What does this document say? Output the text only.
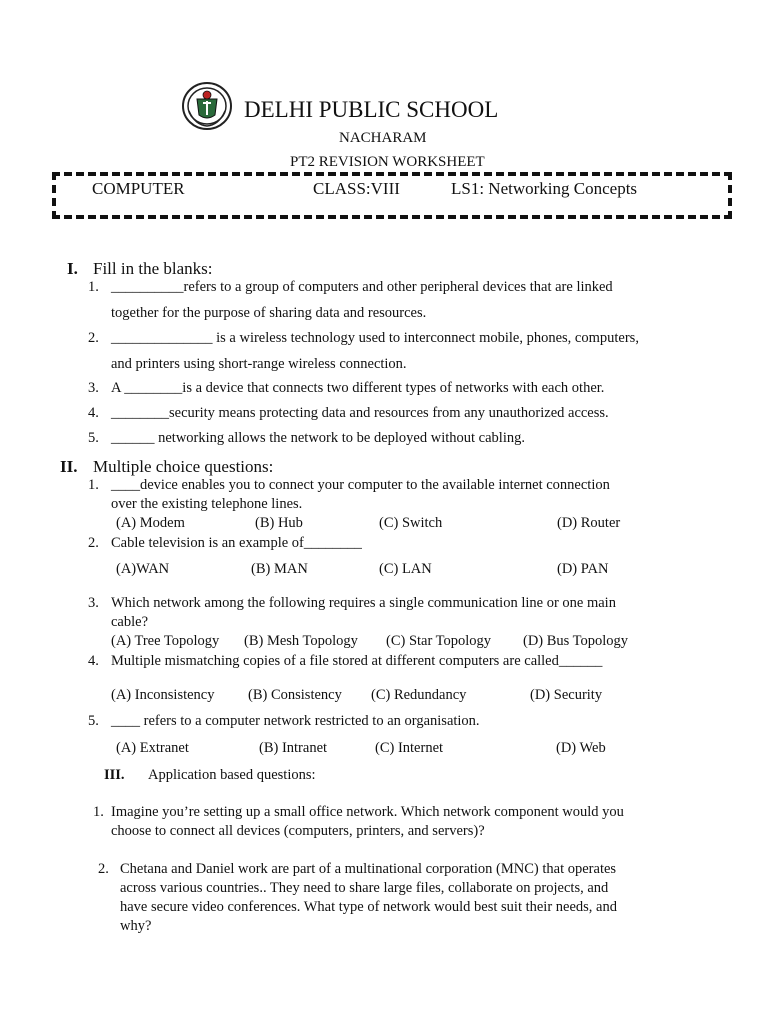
DELHI PUBLIC SCHOOL
NACHARAM
PT2 REVISION WORKSHEET
COMPUTER	CLASS:VIII	LS1: Networking Concepts
I. Fill in the blanks:
1. __________refers to a group of computers and other peripheral devices that are linked
together for the purpose of sharing data and resources.
2. ______________ is a wireless technology used to interconnect mobile, phones, computers,
and printers using short-range wireless connection.
3. A ________is a device that connects two different types of networks with each other.
4. ________security means protecting data and resources from any unauthorized access.
5. ______ networking allows the network to be deployed without cabling.
II. Multiple choice questions:
1. ____device enables you to connect your computer to the available internet connection
over the existing telephone lines.
(A) Modem	(B) Hub	(C) Switch	(D) Router
2. Cable television is an example of________
(A)WAN	(B) MAN	(C) LAN	(D) PAN
3. Which network among the following requires a single communication line or one main
cable?
(A) Tree Topology (B) Mesh Topology (C) Star Topology (D) Bus Topology
4. Multiple mismatching copies of a file stored at different computers are called______
(A) Inconsistency (B) Consistency (C) Redundancy	(D) Security
5. ____ refers to a computer network restricted to an organisation.
(A) Extranet	(B) Intranet	(C) Internet	(D) Web
III. Application based questions:
1. Imagine you’re setting up a small office network. Which network component would you
choose to connect all devices (computers, printers, and servers)?
2. Chetana and Daniel work are part of a multinational corporation (MNC) that operates
across various countries.. They need to share large files, collaborate on projects, and
have secure video conferences. What type of network would best suit their needs, and
why?
